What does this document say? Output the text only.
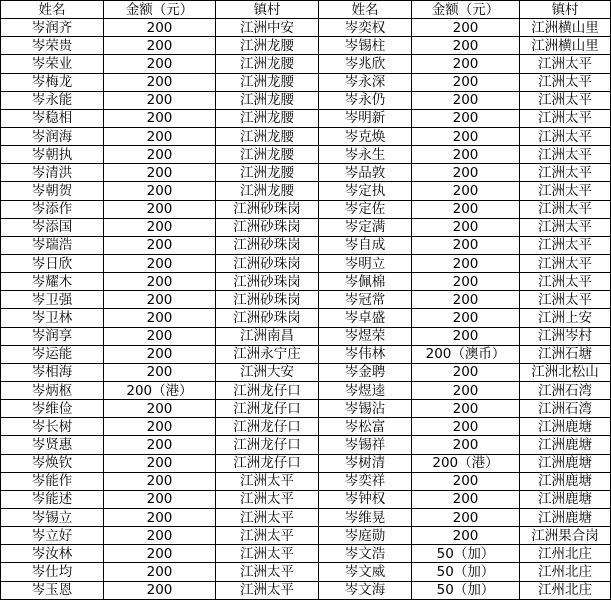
姓名	金额（元）	镇村	姓名	金额（元）	镇村
岑润齐	200	江洲中安	岑奕权	200	江洲横山里
岑荣贵	200	江洲龙腰	岑锡柱	200	江洲横山里
岑荣业	200	江洲龙腰	岑兆欣	200	江洲太平
岑梅龙	200	江洲龙腰	岑永深	200	江洲太平
岑永能	200	江洲龙腰	岑永仍	200	江洲太平
岑稳相	200	江洲龙腰	岑明新	200	江洲太平
岑润海	200	江洲龙腰	岑克焕	200	江洲太平
岑朝执	200	江洲龙腰	岑永生	200	江洲太平
岑清洪	200	江洲龙腰	岑品敦	200	江洲太平
岑朝贺	200	江洲龙腰	岑定执	200	江洲太平
岑添作	200	江洲砂珠岗	岑定佐	200	江洲太平
岑添国	200	江洲砂珠岗	岑定满	200	江洲太平
岑瑞浩	200	江洲砂珠岗	岑自成	200	江洲太平
岑日欣	200	江洲砂珠岗	岑明立	200	江洲太平
岑耀木	200	江洲砂珠岗	岑佩棉	200	江洲太平
岑卫强	200	江洲砂珠岗	岑冠常	200	江洲太平
岑卫林	200	江洲砂珠岗	岑卓盛	200	江洲上安
岑润享	200	江洲南昌	岑煜荣	200	江洲岑村
岑运能	200	江洲永宁庄	岑伟林	200（澳币）	江洲石塘
岑相海	200	江洲大安	岑金聘	200	江洲北松山
岑炳枢	200（港）	江洲龙仔口	岑煜逵	200	江洲石湾
岑维俭	200	江洲龙仔口	岑锡沾	200	江洲石湾
岑长树	200	江洲龙仔口	岑松富	200	江洲鹿塘
岑贤惠	200	江洲龙仔口	岑锡祥	200	江洲鹿塘
岑焕钦	200	江洲龙仔口	岑树清	200（港）	江洲鹿塘
岑能作	200	江洲太平	岑奕祥	200	江洲鹿塘
岑能述	200	江洲太平	岑钟权	200	江洲鹿塘
岑锡立	200	江洲太平	岑维晃	200	江洲鹿塘
岑立好	200	江洲太平	岑庭勋	200	江洲果合岗
岑汝林	200	江洲太平	岑文浩	50（加）	江州北庄
岑仕均	200	江洲太平	岑文威	50（加）	江州北庄
岑玉恩	200	江洲太平	岑文海	50（加）	江州北庄
